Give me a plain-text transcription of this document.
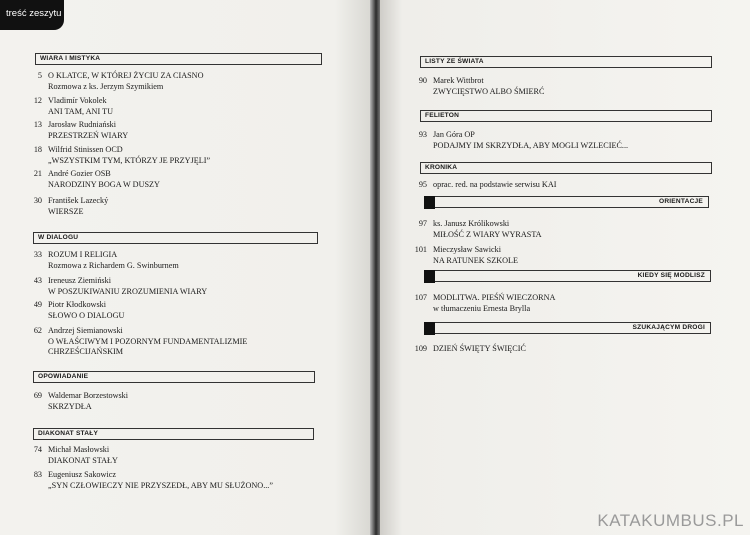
treść zeszytu
WIARA I MISTYKA
5 O KLATCE, W KTÓREJ ŻYCIU ZA CIASNO
Rozmowa z ks. Jerzym Szymikiem
12 Vladimír Vokolek
ANI TAM, ANI TU
13 Jarosław Rudniański
PRZESTRZEŃ WIARY
18 Wilfrid Stinissen OCD
„WSZYSTKIM TYM, KTÓRZY JE PRZYJĘLI”
21 André Gozier OSB
NARODZINY BOGA W DUSZY
30 František Lazecký
WIERSZE
W DIALOGU
33 ROZUM I RELIGIA
Rozmowa z Richardem G. Swinburnem
43 Ireneusz Ziemiński
W POSZUKIWANIU ZROZUMIENIA WIARY
49 Piotr Kłodkowski
SŁOWO O DIALOGU
62 Andrzej Siemianowski
O WŁAŚCIWYM I POZORNYM FUNDAMENTALIZMIE
CHRZEŚCIJAŃSKIM
OPOWIADANIE
69 Waldemar Borzestowski
SKRZYDŁA
DIAKONAT STAŁY
74 Michał Masłowski
DIAKONAT STAŁY
83 Eugeniusz Sakowicz
„SYN CZŁOWIECZY NIE PRZYSZEDŁ, ABY MU SŁUŻONO...”
LISTY ZE ŚWIATA
90 Marek Wittbrot
ZWYCIĘSTWO ALBO ŚMIERĆ
FELIETON
93 Jan Góra OP
PODAJMY IM SKRZYDŁA, ABY MOGLI WZLECIEĆ...
KRONIKA
95 oprac. red. na podstawie serwisu KAI
ORIENTACJE
97 ks. Janusz Królikowski
MIŁOŚĆ Z WIARY WYRASTA
101 Mieczysław Sawicki
NA RATUNEK SZKOLE
KIEDY SIĘ MODLISZ
107 MODLITWA. PIEŚŃ WIECZORNA
w tłumaczeniu Ernesta Brylla
SZUKAJĄCYM DROGI
109 DZIEŃ ŚWIĘTY ŚWIĘCIĆ
KATAKUMBUS.PL
